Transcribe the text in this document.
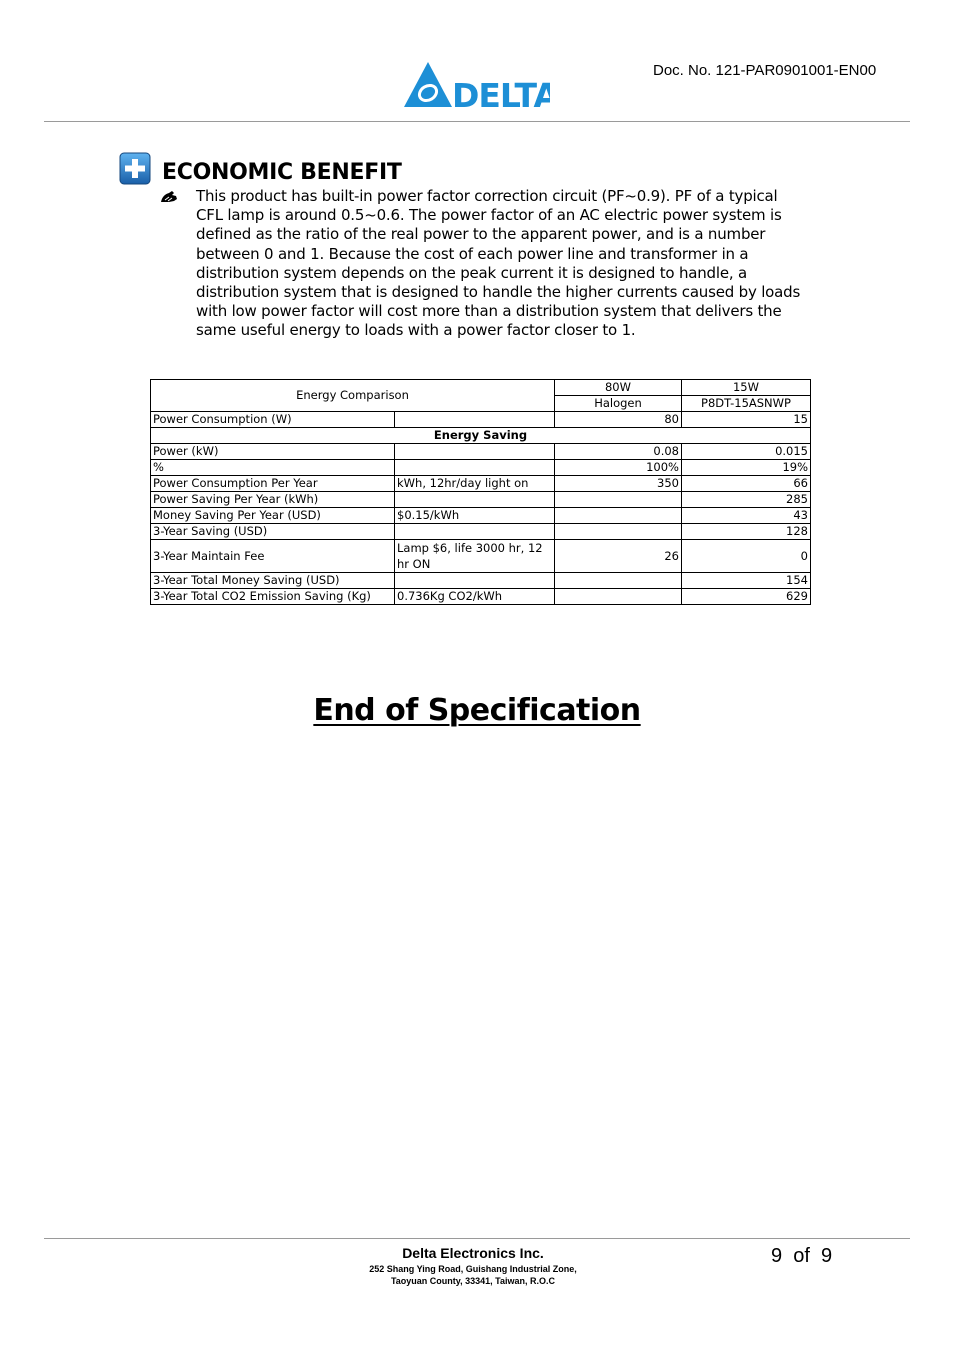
DELTA
Doc. No. 121-PAR0901001-EN00
ECONOMIC BENEFIT
This product has built-in power factor correction circuit (PF~0.9). PF of a typical CFL lamp is around 0.5~0.6. The power factor of an AC electric power system is defined as the ratio of the real power to the apparent power, and is a number between 0 and 1. Because the cost of each power line and transformer in a distribution system depends on the peak current it is designed to handle, a distribution system that is designed to handle the higher currents caused by loads with low power factor will cost more than a distribution system that delivers the same useful energy to loads with a power factor closer to 1.
Energy Comparison		80W	15W
		Halogen	P8DT-15ASNWP
Power Consumption (W)		80	15
Energy Saving			
Power (kW)		0.08	0.015
%		100%	19%
Power Consumption Per Year	kWh, 12hr/day light on	350	66
Power Saving Per Year (kWh)			285
Money Saving Per Year (USD)	$0.15/kWh		43
3-Year Saving (USD)			128
3-Year Maintain Fee	Lamp $6, life 3000 hr, 12 hr ON	26	0
3-Year Total Money Saving (USD)			154
3-Year Total CO2 Emission Saving (Kg)	0.736Kg CO2/kWh		629
End of Specification
Delta Electronics Inc.
252 Shang Ying Road, Guishang Industrial Zone,
Taoyuan County, 33341, Taiwan, R.O.C
9  of  9
